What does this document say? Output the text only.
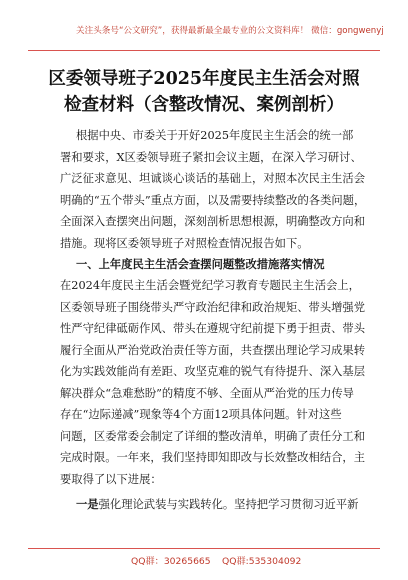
关注头条号“公文研究”，获得最新最全最专业的公文资料库！ 微信：gongwenyj
区委领导班子2025年度民主生活会对照
检查材料（含整改情况、案例剖析）
根据中央、市委关于开好2025年度民主生活会的统一部
署和要求，X区委领导班子紧扣会议主题，在深入学习研讨、
广泛征求意见、坦诚谈心谈话的基础上，对照本次民主生活会
明确的“五个带头”重点方面，以及需要持续整改的各类问题，
全面深入查摆突出问题，深刻剖析思想根源，明确整改方向和
措施。现将区委领导班子对照检查情况报告如下。
一、上年度民主生活会查摆问题整改措施落实情况
在2024年度民主生活会暨党纪学习教育专题民主生活会上，
区委领导班子围绕带头严守政治纪律和政治规矩、带头增强党
性严守纪律砥砺作风、带头在遵规守纪前提下勇于担责、带头
履行全面从严治党政治责任等方面，共查摆出理论学习成果转
化为实践效能尚有差距、攻坚克难的锐气有待提升、深入基层
解决群众“急难愁盼”的精度不够、全面从严治党的压力传导
存在“边际递减”现象等4个方面12项具体问题。针对这些
问题，区委常委会制定了详细的整改清单，明确了责任分工和
完成时限。一年来，我们坚持即知即改与长效整改相结合，主
要取得了以下进展：
一是强化理论武装与实践转化。坚持把学习贯彻习近平新
QQ群：30265665 QQ群:535304092
